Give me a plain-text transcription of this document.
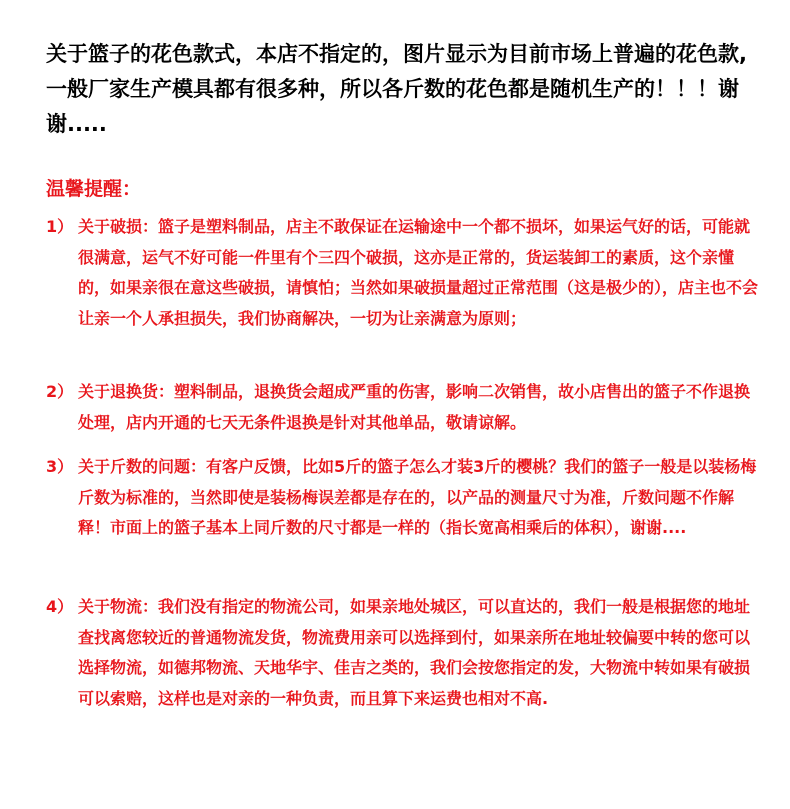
关于篮子的花色款式，本店不指定的，图片显示为目前市场上普遍的花色款,一般厂家生产模具都有很多种，所以各斤数的花色都是随机生产的！！！谢谢.....

温馨提醒：

1） 关于破损：篮子是塑料制品，店主不敢保证在运输途中一个都不损坏，如果运气好的话，可能就很满意，运气不好可能一件里有个三四个破损，这亦是正常的，货运装卸工的素质，这个亲懂的，如果亲很在意这些破损，请慎怕；当然如果破损量超过正常范围（这是极少的），店主也不会让亲一个人承担损失，我们协商解决，一切为让亲满意为原则；

2） 关于退换货：塑料制品，退换货会超成严重的伤害，影响二次销售，故小店售出的篮子不作退换处理，店内开通的七天无条件退换是针对其他单品，敬请谅解。

3） 关于斤数的问题：有客户反馈，比如5斤的篮子怎么才装3斤的樱桃？我们的篮子一般是以装杨梅斤数为标准的，当然即使是装杨梅误差都是存在的，以产品的测量尺寸为准，斤数问题不作解释！市面上的篮子基本上同斤数的尺寸都是一样的（指长宽高相乘后的体积），谢谢....

4） 关于物流：我们没有指定的物流公司，如果亲地处城区，可以直达的，我们一般是根据您的地址查找离您较近的普通物流发货，物流费用亲可以选择到付，如果亲所在地址较偏要中转的您可以选择物流，如德邦物流、天地华宇、佳吉之类的，我们会按您指定的发，大物流中转如果有破损可以索赔，这样也是对亲的一种负责，而且算下来运费也相对不高.
